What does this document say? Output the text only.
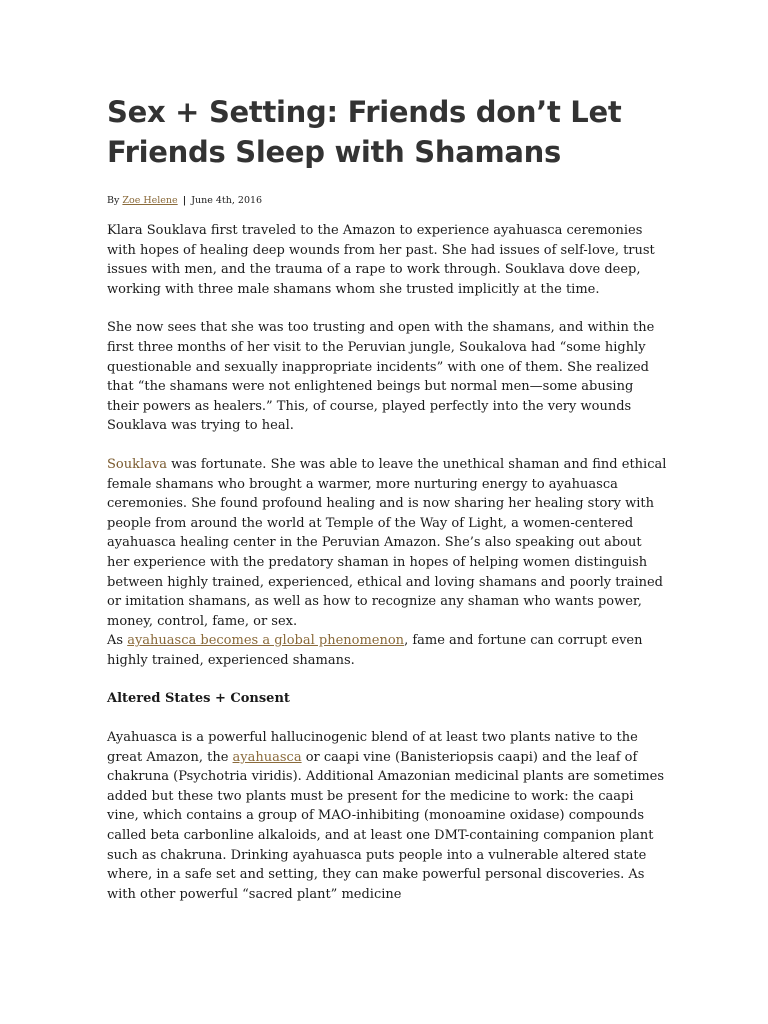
Sex + Setting: Friends don’t Let Friends Sleep with Shamans
By Zoe Helene | June 4th, 2016

Klara Souklava first traveled to the Amazon to experience ayahuasca ceremonies with hopes of healing deep wounds from her past. She had issues of self-love, trust issues with men, and the trauma of a rape to work through. Souklava dove deep, working with three male shamans whom she trusted implicitly at the time.

She now sees that she was too trusting and open with the shamans, and within the first three months of her visit to the Peruvian jungle, Soukalova had “some highly questionable and sexually inappropriate incidents” with one of them. She realized that “the shamans were not enlightened beings but normal men—some abusing their powers as healers.” This, of course, played perfectly into the very wounds Souklava was trying to heal.

Souklava was fortunate. She was able to leave the unethical shaman and find ethical female shamans who brought a warmer, more nurturing energy to ayahuasca ceremonies. She found profound healing and is now sharing her healing story with people from around the world at Temple of the Way of Light, a women-centered ayahuasca healing center in the Peruvian Amazon. She’s also speaking out about her experience with the predatory shaman in hopes of helping women distinguish between highly trained, experienced, ethical and loving shamans and poorly trained or imitation shamans, as well as how to recognize any shaman who wants power, money, control, fame, or sex.
As ayahuasca becomes a global phenomenon, fame and fortune can corrupt even highly trained, experienced shamans.

Altered States + Consent

Ayahuasca is a powerful hallucinogenic blend of at least two plants native to the great Amazon, the ayahuasca or caapi vine (Banisteriopsis caapi) and the leaf of chakruna (Psychotria viridis). Additional Amazonian medicinal plants are sometimes added but these two plants must be present for the medicine to work: the caapi vine, which contains a group of MAO-inhibiting (monoamine oxidase) compounds called beta carbonline alkaloids, and at least one DMT-containing companion plant such as chakruna. Drinking ayahuasca puts people into a vulnerable altered state where, in a safe set and setting, they can make powerful personal discoveries. As with other powerful “sacred plant” medicine
